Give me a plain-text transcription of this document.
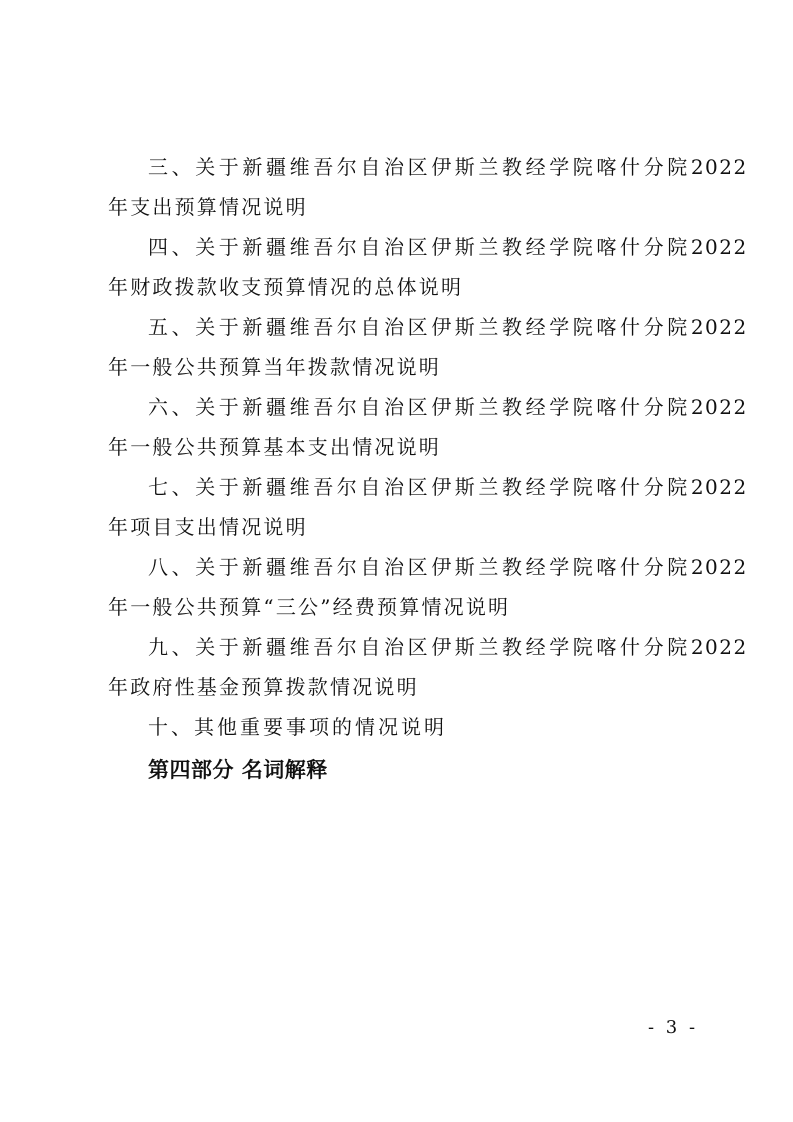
三、关于新疆维吾尔自治区伊斯兰教经学院喀什分院 2022
年支出预算情况说明
四、关于新疆维吾尔自治区伊斯兰教经学院喀什分院 2022
年财政拨款收支预算情况的总体说明
五、关于新疆维吾尔自治区伊斯兰教经学院喀什分院 2022
年一般公共预算当年拨款情况说明
六、关于新疆维吾尔自治区伊斯兰教经学院喀什分院 2022
年一般公共预算基本支出情况说明
七、关于新疆维吾尔自治区伊斯兰教经学院喀什分院 2022
年项目支出情况说明
八、关于新疆维吾尔自治区伊斯兰教经学院喀什分院 2022
年一般公共预算“三公”经费预算情况说明
九、关于新疆维吾尔自治区伊斯兰教经学院喀什分院 2022
年政府性基金预算拨款情况说明
十、其他重要事项的情况说明
第四部分 名词解释
- 3 -
